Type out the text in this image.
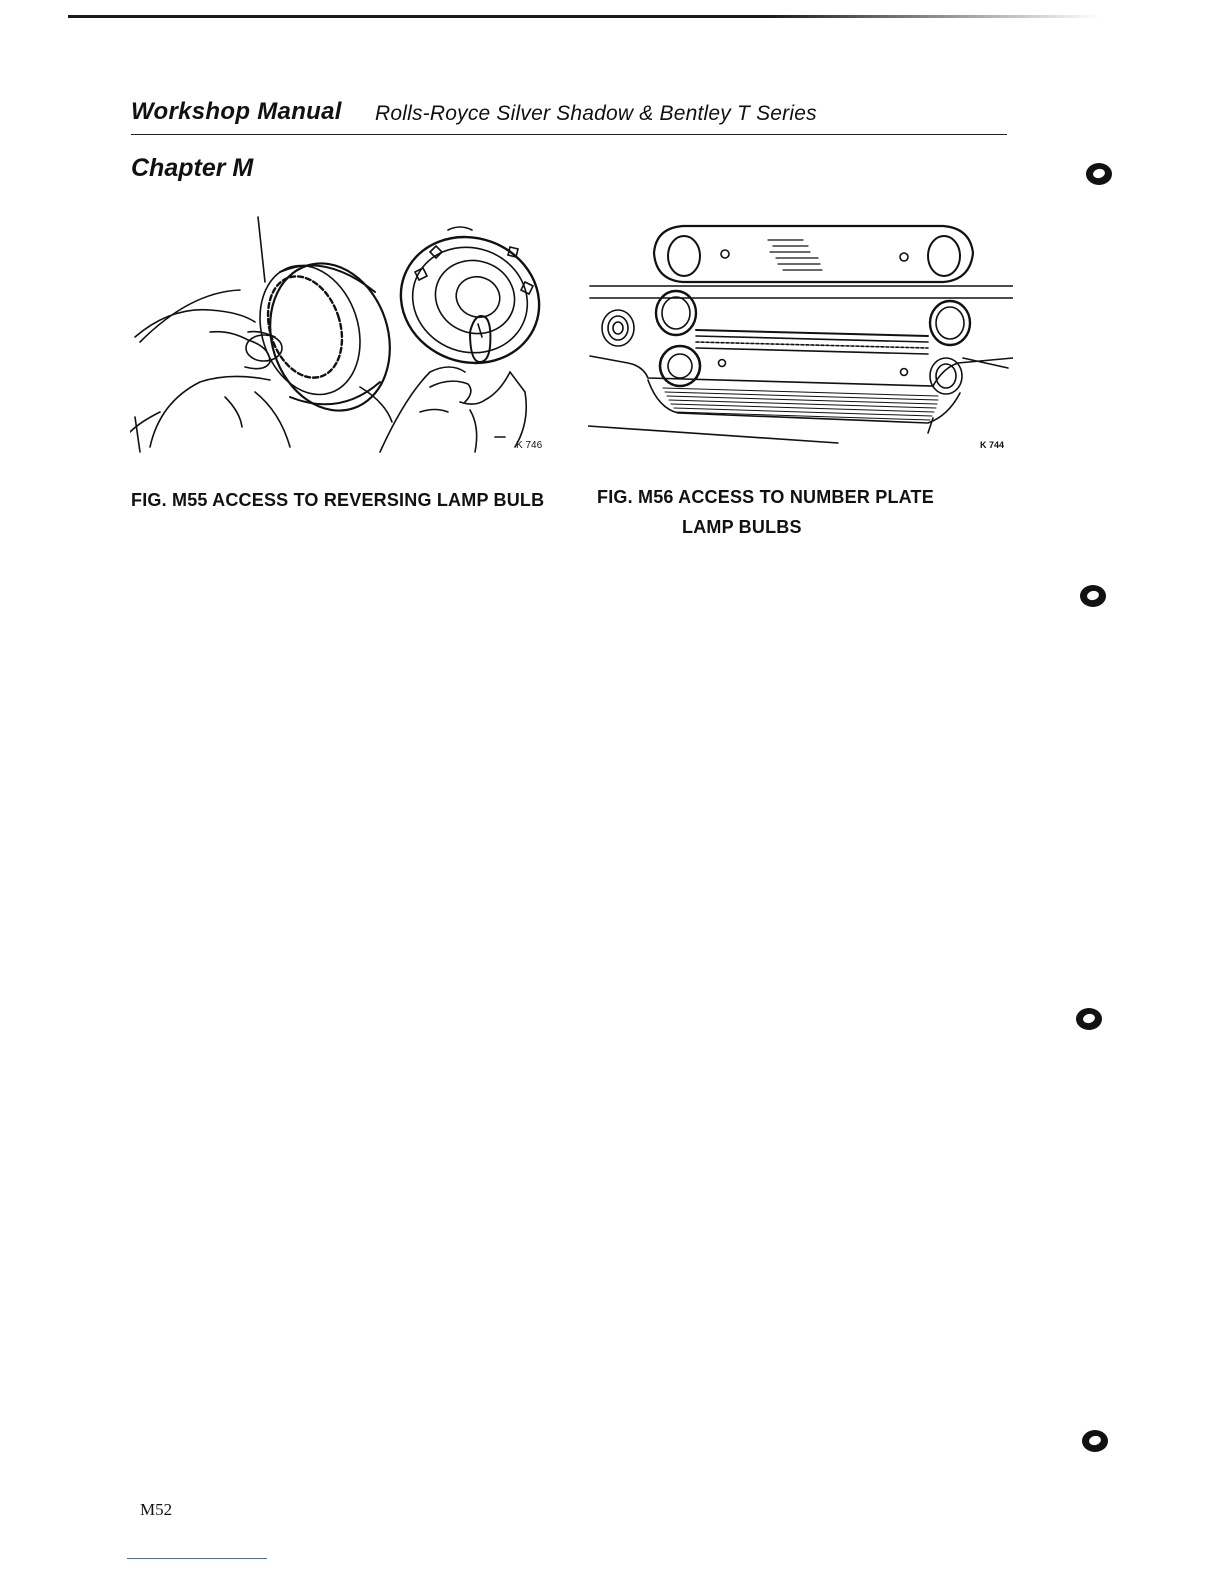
Workshop Manual Rolls-Royce Silver Shadow & Bentley T Series
Chapter M
K 746	K 744
FIG. M55 ACCESS TO REVERSING LAMP BULB	FIG. M56 ACCESS TO NUMBER PLATE
LAMP BULBS
M52
